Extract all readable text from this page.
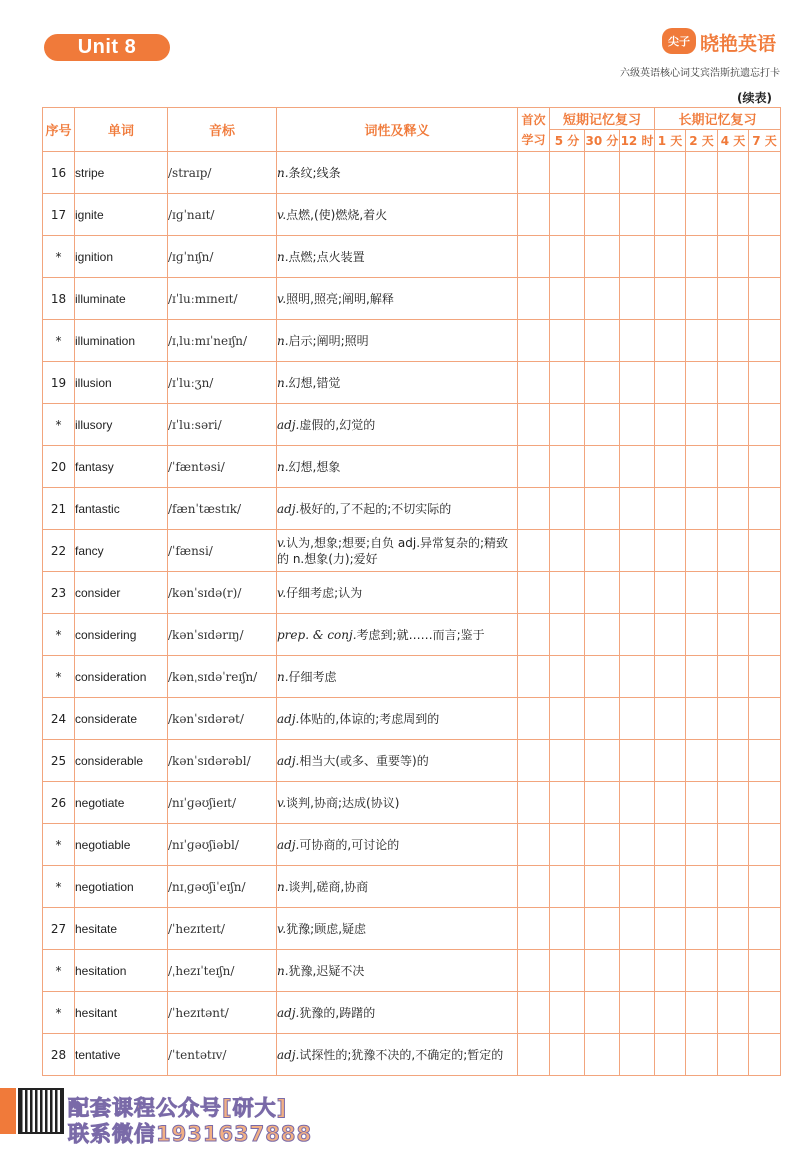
Unit 8	尖子 晓艳英语
六级英语核心词艾宾浩斯抗遗忘打卡
(续表)
序号	单词	音标	词性及释义	首次学习	短期记忆复习			长期记忆复习			
					5 分	30 分	12 时	1 天	2 天	4 天	7 天
16	stripe	/straɪp/	n.条纹;线条								
17	ignite	/ɪɡˈnaɪt/	v.点燃,(使)燃烧,着火								
*	ignition	/ɪɡˈnɪʃn/	n.点燃;点火装置								
18	illuminate	/ɪˈluːmɪneɪt/	v.照明,照亮;阐明,解释								
*	illumination	/ɪˌluːmɪˈneɪʃn/	n.启示;阐明;照明								
19	illusion	/ɪˈluːʒn/	n.幻想,错觉								
*	illusory	/ɪˈluːsəri/	adj.虚假的,幻觉的								
20	fantasy	/ˈfæntəsi/	n.幻想,想象								
21	fantastic	/fænˈtæstɪk/	adj.极好的,了不起的;不切实际的								
22	fancy	/ˈfænsi/	v.认为,想象;想要;自负 adj.异常复杂的;精致的 n.想象(力);爱好								
23	consider	/kənˈsɪdə(r)/	v.仔细考虑;认为								
*	considering	/kənˈsɪdərɪŋ/	prep. & conj.考虑到;就……而言;鉴于								
*	consideration	/kənˌsɪdəˈreɪʃn/	n.仔细考虑								
24	considerate	/kənˈsɪdərət/	adj.体贴的,体谅的;考虑周到的								
25	considerable	/kənˈsɪdərəbl/	adj.相当大(或多、重要等)的								
26	negotiate	/nɪˈɡəʊʃieɪt/	v.谈判,协商;达成(协议)								
*	negotiable	/nɪˈɡəʊʃiəbl/	adj.可协商的,可讨论的								
*	negotiation	/nɪˌɡəʊʃiˈeɪʃn/	n.谈判,磋商,协商								
27	hesitate	/ˈhezɪteɪt/	v.犹豫;顾虑,疑虑								
*	hesitation	/ˌhezɪˈteɪʃn/	n.犹豫,迟疑不决								
*	hesitant	/ˈhezɪtənt/	adj.犹豫的,踌躇的								
28	tentative	/ˈtentətɪv/	adj.试探性的;犹豫不决的,不确定的;暂定的								
配套课程公众号[研大]
联系微信1931637888
